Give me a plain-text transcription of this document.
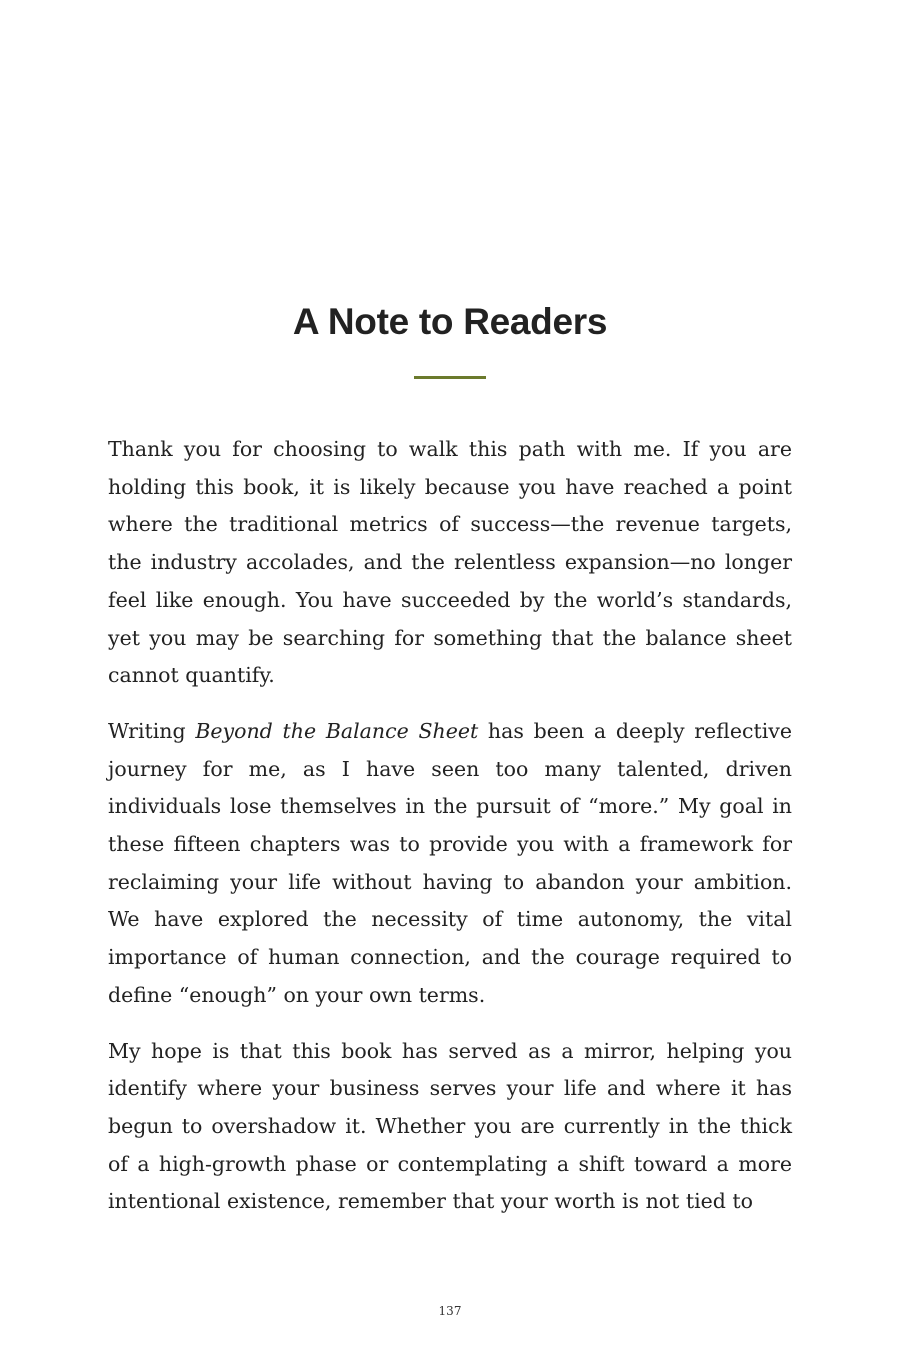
A Note to Readers

Thank you for choosing to walk this path with me. If you are holding this book, it is likely because you have reached a point where the traditional metrics of success—the revenue targets, the industry accolades, and the relentless expansion—no longer feel like enough. You have succeeded by the world’s standards, yet you may be searching for something that the balance sheet cannot quantify.

Writing Beyond the Balance Sheet has been a deeply reflective journey for me, as I have seen too many talented, driven individuals lose themselves in the pursuit of “more.” My goal in these fifteen chapters was to provide you with a framework for reclaiming your life without having to abandon your ambition. We have explored the necessity of time autonomy, the vital importance of human connection, and the courage required to define “enough” on your own terms.

My hope is that this book has served as a mirror, helping you identify where your business serves your life and where it has begun to overshadow it. Whether you are currently in the thick of a high-growth phase or contemplating a shift toward a more intentional existence, remember that your worth is not tied to

137
